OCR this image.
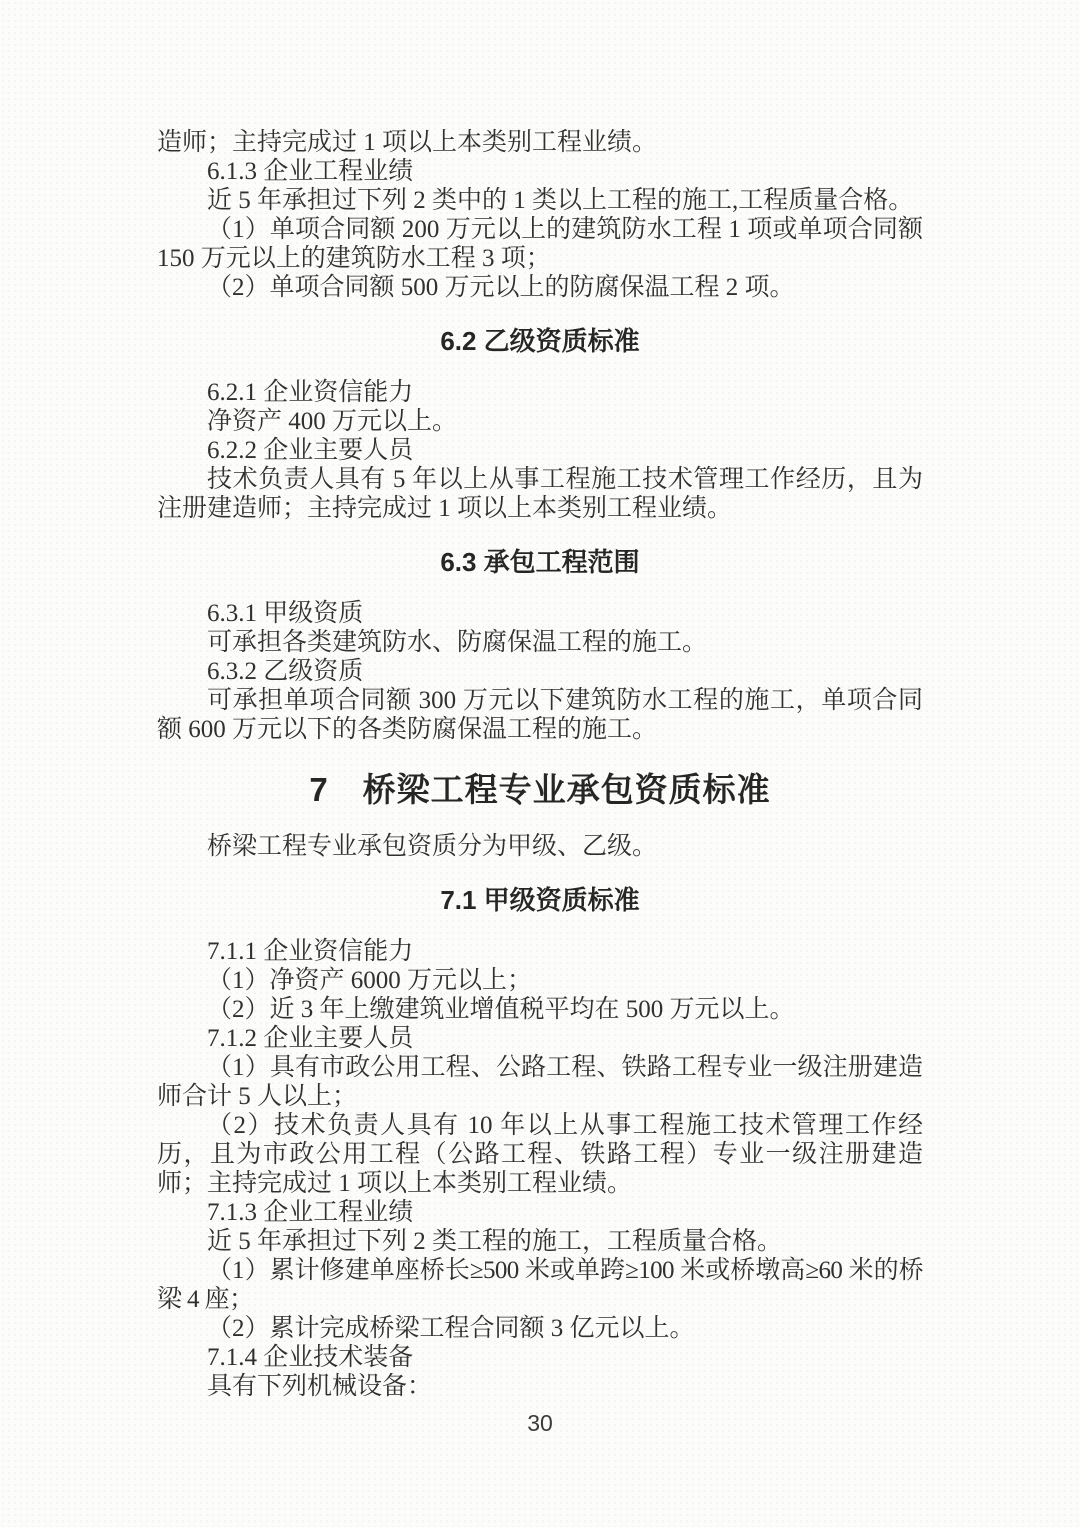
造师；主持完成过 1 项以上本类别工程业绩。

6.1.3 企业工程业绩

近 5 年承担过下列 2 类中的 1 类以上工程的施工,工程质量合格。

（1）单项合同额 200 万元以上的建筑防水工程 1 项或单项合同额 150 万元以上的建筑防水工程 3 项；

（2）单项合同额 500 万元以上的防腐保温工程 2 项。

6.2 乙级资质标准

6.2.1 企业资信能力

净资产 400 万元以上。

6.2.2 企业主要人员

技术负责人具有 5 年以上从事工程施工技术管理工作经历，且为注册建造师；主持完成过 1 项以上本类别工程业绩。

6.3 承包工程范围

6.3.1 甲级资质

可承担各类建筑防水、防腐保温工程的施工。

6.3.2 乙级资质

可承担单项合同额 300 万元以下建筑防水工程的施工，单项合同额 600 万元以下的各类防腐保温工程的施工。

7　桥梁工程专业承包资质标准

桥梁工程专业承包资质分为甲级、乙级。

7.1 甲级资质标准

7.1.1 企业资信能力

（1）净资产 6000 万元以上；

（2）近 3 年上缴建筑业增值税平均在 500 万元以上。

7.1.2 企业主要人员

（1）具有市政公用工程、公路工程、铁路工程专业一级注册建造师合计 5 人以上；

（2）技术负责人具有 10 年以上从事工程施工技术管理工作经历，且为市政公用工程（公路工程、铁路工程）专业一级注册建造师；主持完成过 1 项以上本类别工程业绩。

7.1.3 企业工程业绩

近 5 年承担过下列 2 类工程的施工，工程质量合格。

（1）累计修建单座桥长≥500 米或单跨≥100 米或桥墩高≥60 米的桥梁 4 座；

（2）累计完成桥梁工程合同额 3 亿元以上。

7.1.4 企业技术装备

具有下列机械设备：

30
